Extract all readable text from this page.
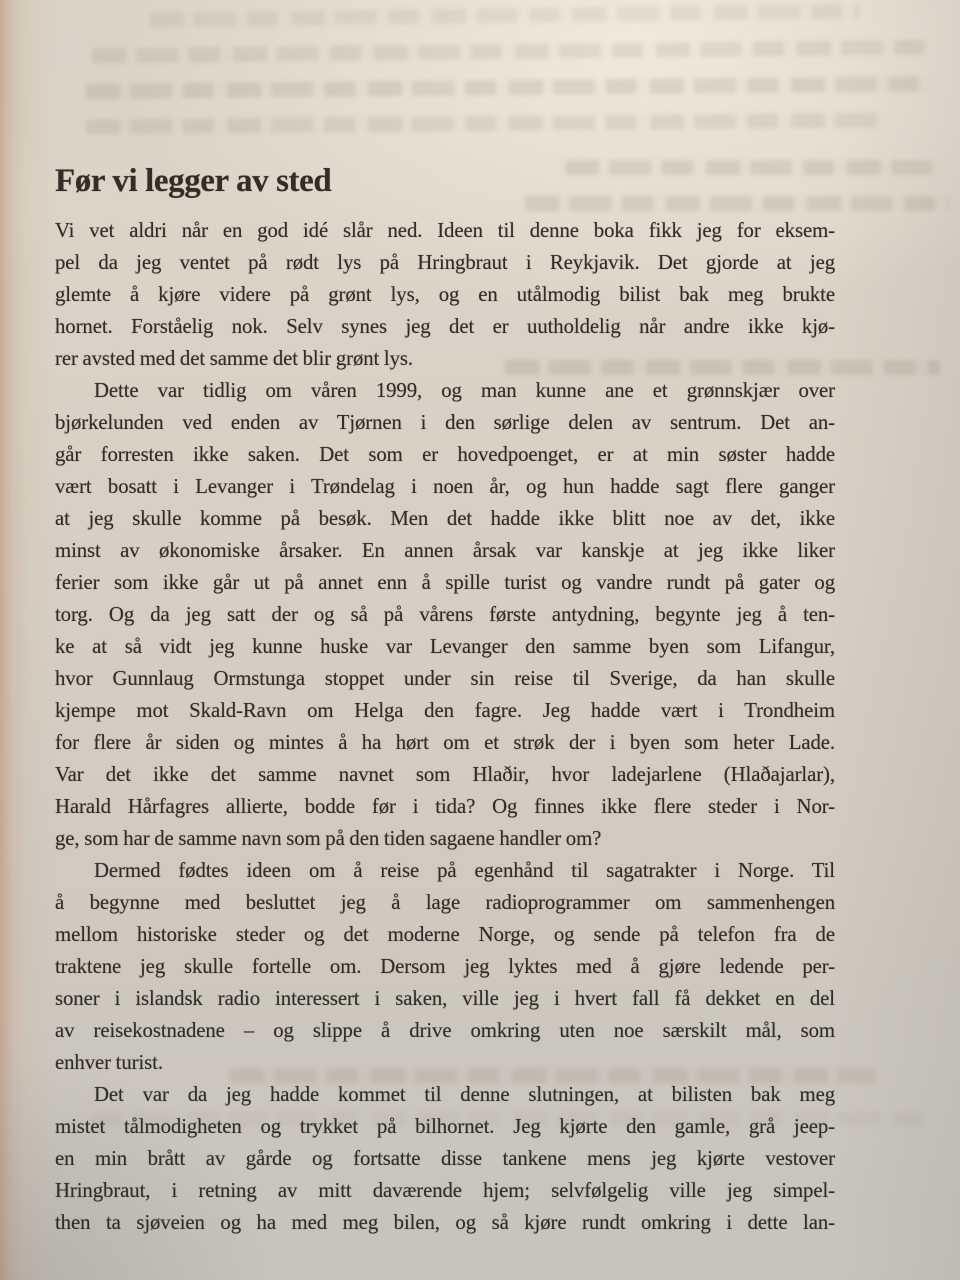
Før vi legger av sted
Vi vet aldri når en god idé slår ned. Ideen til denne boka fikk jeg for eksem-
pel da jeg ventet på rødt lys på Hringbraut i Reykjavik. Det gjorde at jeg
glemte å kjøre videre på grønt lys, og en utålmodig bilist bak meg brukte
hornet. Forståelig nok. Selv synes jeg det er uutholdelig når andre ikke kjø-
rer avsted med det samme det blir grønt lys.
Dette var tidlig om våren 1999, og man kunne ane et grønnskjær over
bjørkelunden ved enden av Tjørnen i den sørlige delen av sentrum. Det an-
går forresten ikke saken. Det som er hovedpoenget, er at min søster hadde
vært bosatt i Levanger i Trøndelag i noen år, og hun hadde sagt flere ganger
at jeg skulle komme på besøk. Men det hadde ikke blitt noe av det, ikke
minst av økonomiske årsaker. En annen årsak var kanskje at jeg ikke liker
ferier som ikke går ut på annet enn å spille turist og vandre rundt på gater og
torg. Og da jeg satt der og så på vårens første antydning, begynte jeg å ten-
ke at så vidt jeg kunne huske var Levanger den samme byen som Lifangur,
hvor Gunnlaug Ormstunga stoppet under sin reise til Sverige, da han skulle
kjempe mot Skald-Ravn om Helga den fagre. Jeg hadde vært i Trondheim
for flere år siden og mintes å ha hørt om et strøk der i byen som heter Lade.
Var det ikke det samme navnet som Hlaðir, hvor ladejarlene (Hlaðajarlar),
Harald Hårfagres allierte, bodde før i tida? Og finnes ikke flere steder i Nor-
ge, som har de samme navn som på den tiden sagaene handler om?
Dermed fødtes ideen om å reise på egenhånd til sagatrakter i Norge. Til
å begynne med besluttet jeg å lage radioprogrammer om sammenhengen
mellom historiske steder og det moderne Norge, og sende på telefon fra de
traktene jeg skulle fortelle om. Dersom jeg lyktes med å gjøre ledende per-
soner i islandsk radio interessert i saken, ville jeg i hvert fall få dekket en del
av reisekostnadene – og slippe å drive omkring uten noe særskilt mål, som
enhver turist.
Det var da jeg hadde kommet til denne slutningen, at bilisten bak meg
mistet tålmodigheten og trykket på bilhornet. Jeg kjørte den gamle, grå jeep-
en min brått av gårde og fortsatte disse tankene mens jeg kjørte vestover
Hringbraut, i retning av mitt daværende hjem; selvfølgelig ville jeg simpel-
then ta sjøveien og ha med meg bilen, og så kjøre rundt omkring i dette lan-
